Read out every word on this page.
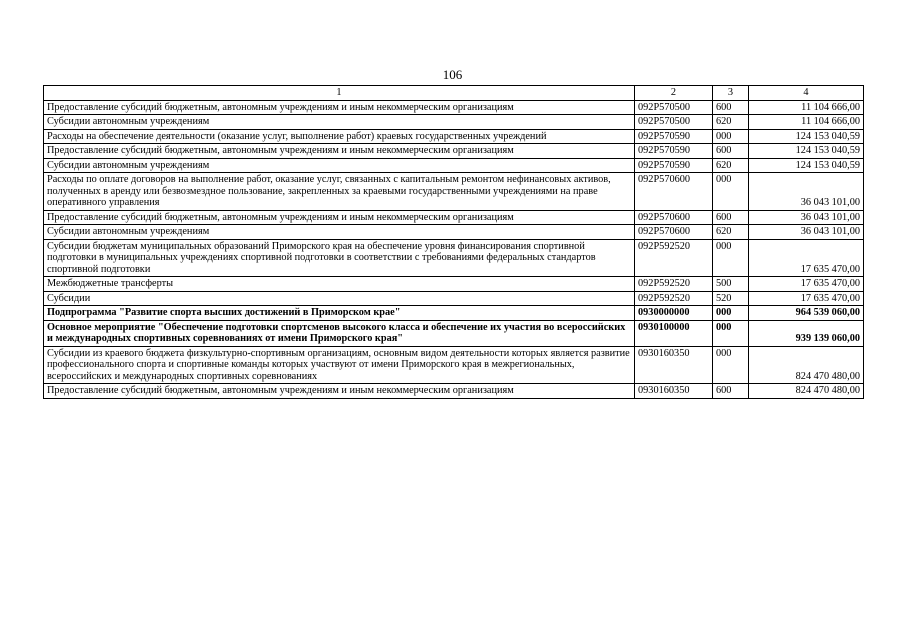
106
1	2	3	4
Предоставление субсидий бюджетным, автономным учреждениям и иным некоммерческим организациям	092P570500	600	11 104 666,00
Субсидии автономным учреждениям	092P570500	620	11 104 666,00
Расходы на обеспечение деятельности (оказание услуг, выполнение работ) краевых государственных учреждений	092P570590	000	124 153 040,59
Предоставление субсидий бюджетным, автономным учреждениям и иным некоммерческим организациям	092P570590	600	124 153 040,59
Субсидии автономным учреждениям	092P570590	620	124 153 040,59
Расходы по оплате договоров на выполнение работ, оказание услуг, связанных с капитальным ремонтом нефинансовых активов, полученных в аренду или безвозмездное пользование, закрепленных за краевыми государственными учреждениями на праве оперативного управления	092P570600	000	36 043 101,00
Предоставление субсидий бюджетным, автономным учреждениям и иным некоммерческим организациям	092P570600	600	36 043 101,00
Субсидии автономным учреждениям	092P570600	620	36 043 101,00
Субсидии бюджетам муниципальных образований Приморского края на обеспечение уровня финансирования спортивной подготовки в муниципальных учреждениях спортивной подготовки в соответствии с требованиями федеральных стандартов спортивной подготовки	092P592520	000	17 635 470,00
Межбюджетные трансферты	092P592520	500	17 635 470,00
Субсидии	092P592520	520	17 635 470,00
Подпрограмма "Развитие спорта высших достижений в Приморском крае"	0930000000	000	964 539 060,00
Основное мероприятие "Обеспечение подготовки спортсменов высокого класса и обеспечение их участия во всероссийских и международных спортивных соревнованиях от имени Приморского края"	0930100000	000	939 139 060,00
Субсидии из краевого бюджета физкультурно-спортивным организациям, основным видом деятельности которых является развитие профессионального спорта и спортивные команды которых участвуют от имени Приморского края в межрегиональных, всероссийских и международных спортивных соревнованиях	0930160350	000	824 470 480,00
Предоставление субсидий бюджетным, автономным учреждениям и иным некоммерческим организациям	0930160350	600	824 470 480,00
